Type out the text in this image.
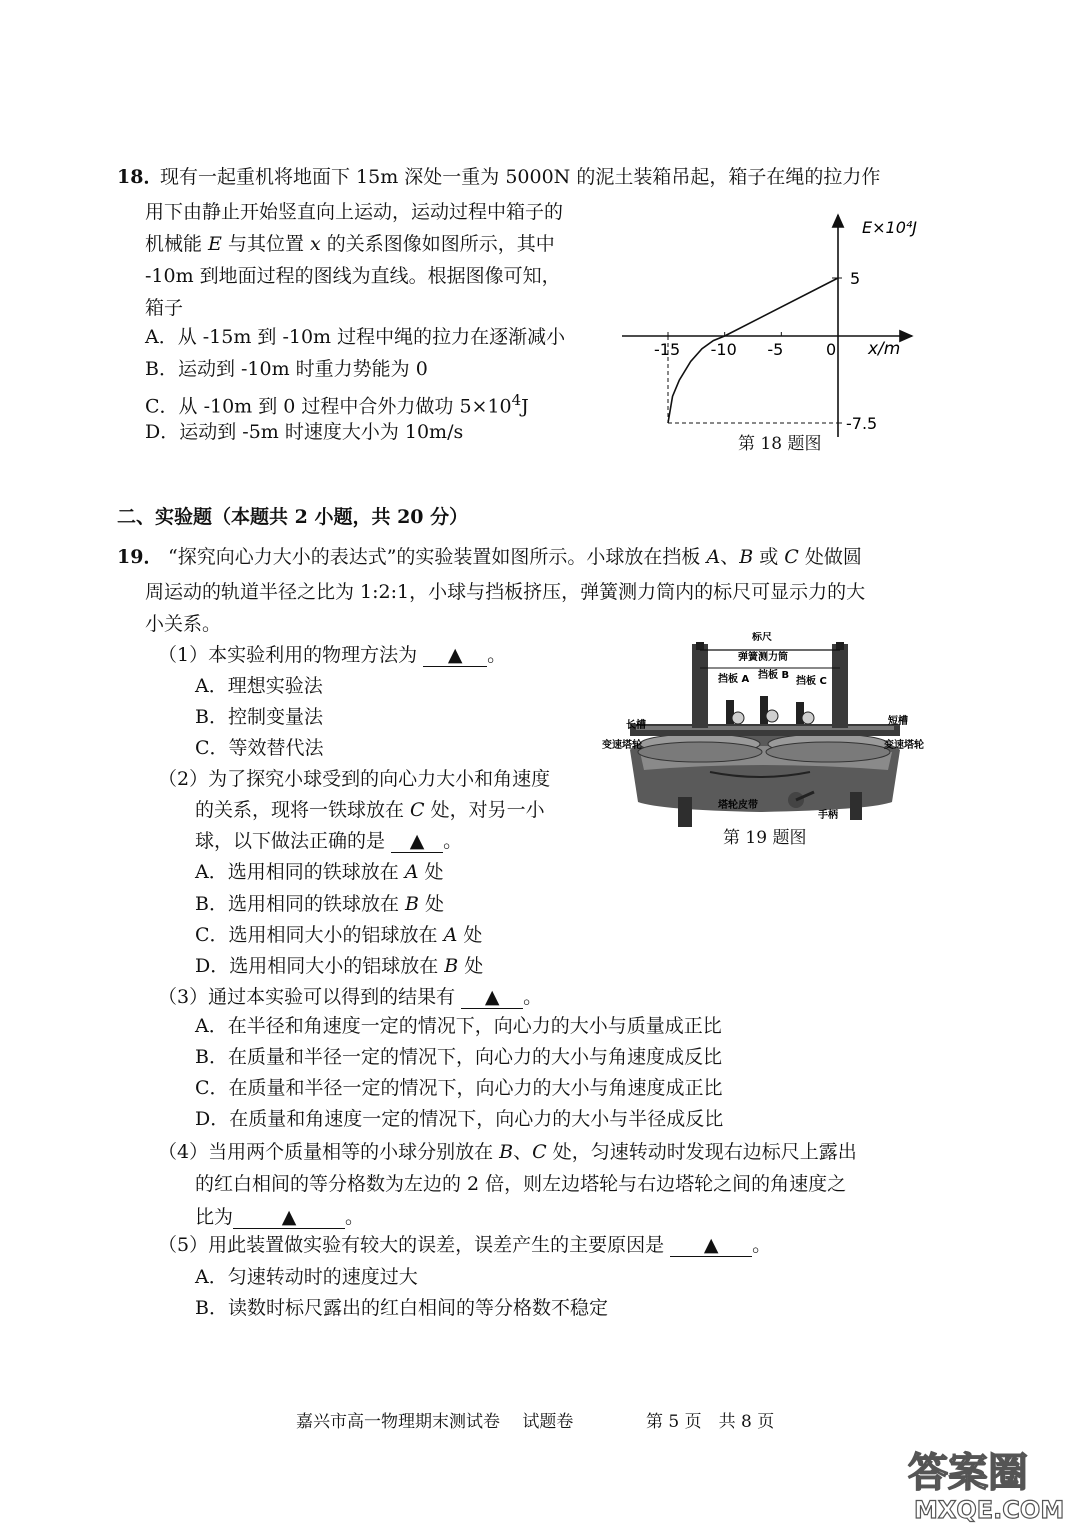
18．
现有一起重机将地面下 15m 深处一重为 5000N 的泥土装箱吊起，箱子在绳的拉力作
用下由静止开始竖直向上运动，运动过程中箱子的
机械能 E 与其位置 x 的关系图像如图所示，其中
-10m 到地面过程的图线为直线。根据图像可知，
箱子
A．从 -15m 到 -10m 过程中绳的拉力在逐渐减小
B．运动到 -10m 时重力势能为 0
C．从 -10m 到 0 过程中合外力做功 $5\times 10^4J$
D．运动到 -5m 时速度大小为 10m/s
E×10⁴J
x/m
-15 -10 -5	0
5
-7.5
第 18 题图
二、实验题（本题共 2 小题，共 20 分）
19． “探究向心力大小的表达式”的实验装置如图所示。小球放在挡板 A、B 或 C 处做圆
周运动的轨道半径之比为 1:2:1，小球与挡板挤压，弹簧测力筒内的标尺可显示力的大
小关系。
（1）本实验利用的物理方法为 ▲ 。
A．理想实验法
B．控制变量法
C．等效替代法
（2）为了探究小球受到的向心力大小和角速度
的关系，现将一铁球放在 C 处，对另一小
球，以下做法正确的是 ▲ 。
A．选用相同的铁球放在 A 处
B．选用相同的铁球放在 B 处
C．选用相同大小的铝球放在 A 处
D．选用相同大小的铝球放在 B 处
（3）通过本实验可以得到的结果有 ▲ 。
A．在半径和角速度一定的情况下，向心力的大小与质量成正比
B．在质量和半径一定的情况下，向心力的大小与角速度成反比
C．在质量和半径一定的情况下，向心力的大小与角速度成正比
D．在质量和角速度一定的情况下，向心力的大小与半径成反比
（4）当用两个质量相等的小球分别放在 B、C 处，匀速转动时发现右边标尺上露出
的红白相间的等分格数为左边的 2 倍，则左边塔轮与右边塔轮之间的角速度之
比为	▲	。
（5）用此装置做实验有较大的误差，误差产生的主要原因是 ▲ 。
A．匀速转动时的速度过大
B．读数时标尺露出的红白相间的等分格数不稳定
标尺
弹簧测力筒
挡板 A 挡板 B
挡板 C
长槽	短槽
变速塔轮	变速塔轮
塔轮皮带
手柄
第 19 题图
嘉兴市高一物理期末测试卷　 试题卷	第 5 页　共 8 页
答案圈
MXQE.COM
